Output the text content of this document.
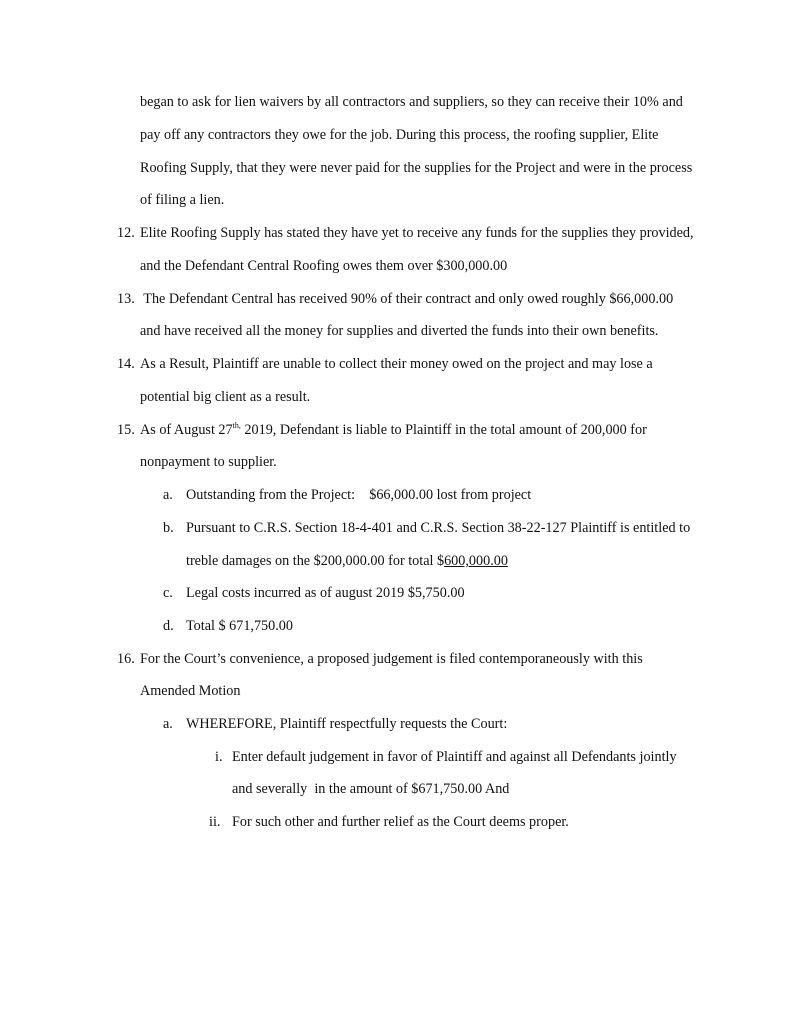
began to ask for lien waivers by all contractors and suppliers, so they can receive their 10% and
pay off any contractors they owe for the job. During this process, the roofing supplier, Elite
Roofing Supply, that they were never paid for the supplies for the Project and were in the process
of filing a lien.
12. Elite Roofing Supply has stated they have yet to receive any funds for the supplies they provided,
and the Defendant Central Roofing owes them over $300,000.00
13. The Defendant Central has received 90% of their contract and only owed roughly $66,000.00
and have received all the money for supplies and diverted the funds into their own benefits.
14. As a Result, Plaintiff are unable to collect their money owed on the project and may lose a
potential big client as a result.
15. As of August $27^{th,}$ 2019, Defendant is liable to Plaintiff in the total amount of 200,000 for
nonpayment to supplier.
a. Outstanding from the Project:    $66,000.00 lost from project
b. Pursuant to C.R.S. Section 18-4-401 and C.R.S. Section 38-22-127 Plaintiff is entitled to
treble damages on the $200,000.00 for total $600,000.00
c. Legal costs incurred as of august 2019 $5,750.00
d. Total $ 671,750.00
16. For the Court’s convenience, a proposed judgement is filed contemporaneously with this
Amended Motion
a. WHEREFORE, Plaintiff respectfully requests the Court:
i. Enter default judgement in favor of Plaintiff and against all Defendants jointly
and severally  in the amount of $671,750.00 And
ii. For such other and further relief as the Court deems proper.
